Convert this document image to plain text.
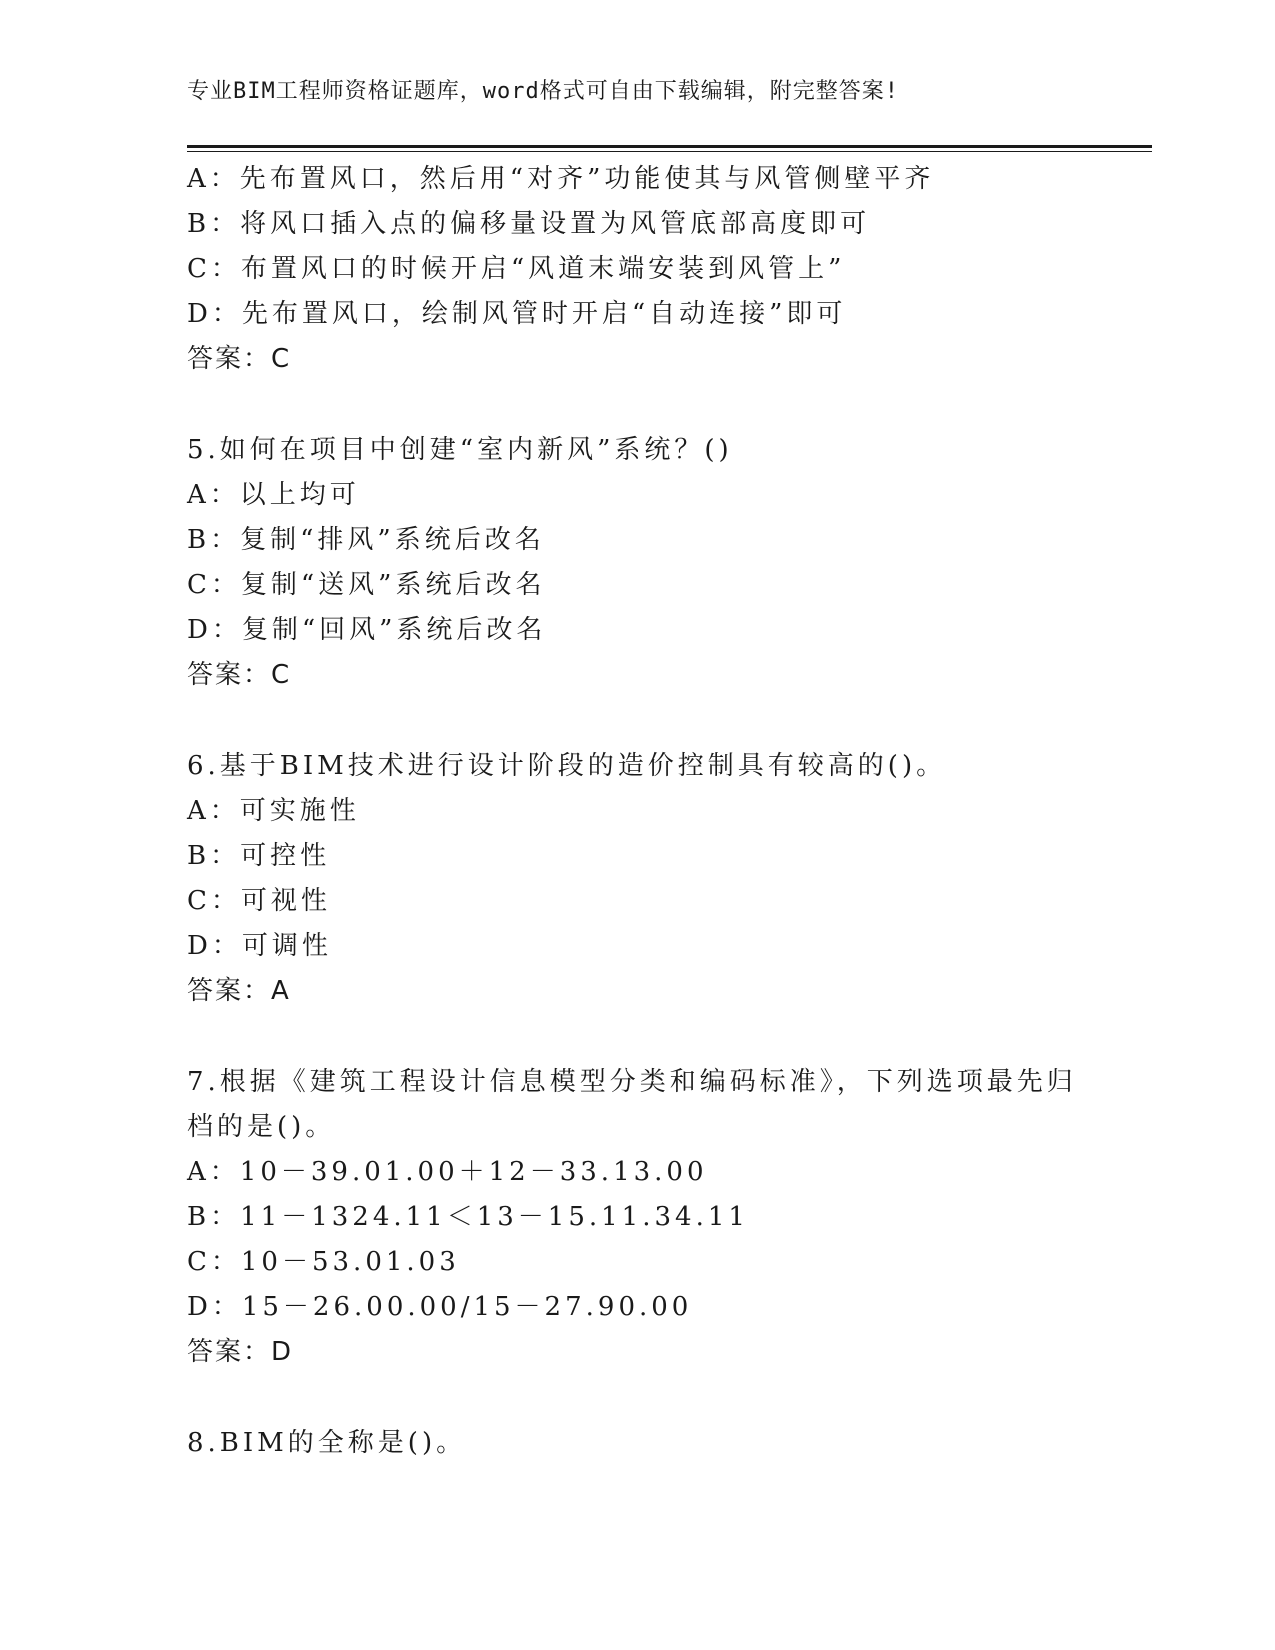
专业BIM工程师资格证题库，word格式可自由下载编辑，附完整答案!
A：先布置风口，然后用“对齐”功能使其与风管侧壁平齐
B：将风口插入点的偏移量设置为风管底部高度即可
C：布置风口的时候开启“风道末端安装到风管上”
D：先布置风口，绘制风管时开启“自动连接”即可
答案：C
5.如何在项目中创建“室内新风”系统？()
A：以上均可
B：复制“排风”系统后改名
C：复制“送风”系统后改名
D：复制“回风”系统后改名
答案：C
6.基于BIM技术进行设计阶段的造价控制具有较高的()。
A：可实施性
B：可控性
C：可视性
D：可调性
答案：A
7.根据《建筑工程设计信息模型分类和编码标准》，下列选项最先归
档的是()。
A：10－39.01.00＋12－33.13.00
B：11－1324.11＜13－15.11.34.11
C：10－53.01.03
D：15－26.00.00/15－27.90.00
答案：D
8.BIM的全称是()。
